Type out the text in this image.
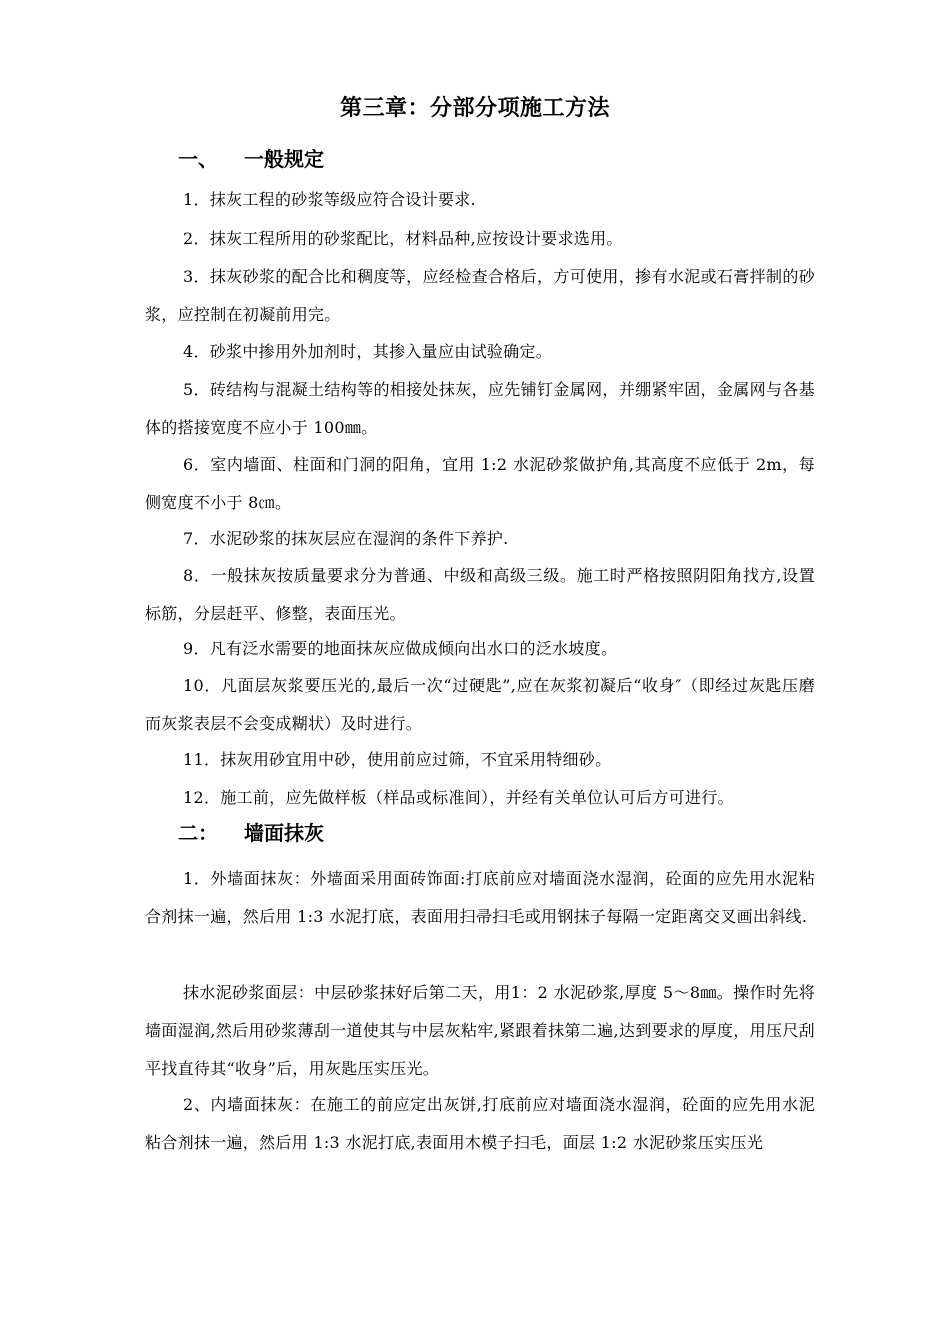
第三章：分部分项施工方法
一、 一般规定

1．抹灰工程的砂浆等级应符合设计要求.

2．抹灰工程所用的砂浆配比，材料品种,应按设计要求选用。

3．抹灰砂浆的配合比和稠度等，应经检查合格后，方可使用，掺有水泥或石膏拌制的砂浆，应控制在初凝前用完。

4．砂浆中掺用外加剂时，其掺入量应由试验确定。

5．砖结构与混凝土结构等的相接处抹灰，应先铺钉金属网，并绷紧牢固，金属网与各基体的搭接宽度不应小于 100㎜。

6．室内墙面、柱面和门洞的阳角，宜用 1:2 水泥砂浆做护角,其高度不应低于 2m，每侧宽度不小于 8㎝。

7．水泥砂浆的抹灰层应在湿润的条件下养护.

8．一般抹灰按质量要求分为普通、中级和高级三级。施工时严格按照阴阳角找方,设置标筋，分层赶平、修整，表面压光。

9．凡有泛水需要的地面抹灰应做成倾向出水口的泛水坡度。

10．凡面层灰浆要压光的,最后一次“过硬匙”,应在灰浆初凝后“收身″（即经过灰匙压磨而灰浆表层不会变成糊状）及时进行。

11．抹灰用砂宜用中砂，使用前应过筛，不宜采用特细砂。

12．施工前，应先做样板（样品或标准间），并经有关单位认可后方可进行。

二： 墙面抹灰

1．外墙面抹灰：外墙面采用面砖饰面:打底前应对墙面浇水湿润，砼面的应先用水泥粘合剂抹一遍，然后用 1:3 水泥打底，表面用扫帚扫毛或用钢抹子每隔一定距离交叉画出斜线.

抹水泥砂浆面层：中层砂浆抹好后第二天，用1：2 水泥砂浆,厚度 5～8㎜。操作时先将墙面湿润,然后用砂浆薄刮一道使其与中层灰粘牢,紧跟着抹第二遍,达到要求的厚度，用压尺刮平找直待其“收身”后，用灰匙压实压光。

2、内墙面抹灰：在施工的前应定出灰饼,打底前应对墙面浇水湿润，砼面的应先用水泥粘合剂抹一遍，然后用 1:3 水泥打底,表面用木模子扫毛，面层 1:2 水泥砂浆压实压光
